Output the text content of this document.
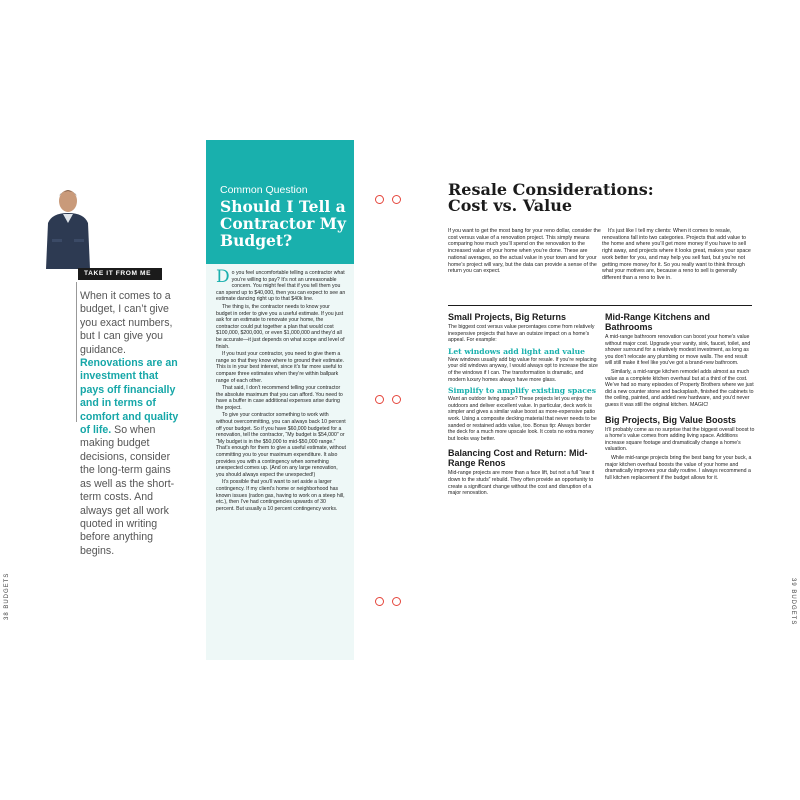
38 BUDGETS	39 BUDGETS
TAKE IT FROM ME
When it comes to a budget, I can’t give you exact numbers, but I can give you guidance. Renovations are an investment that pays off financially and in terms of comfort and quality of life. So when making budget decisions, consider the long-term gains as well as the short-term costs. And always get all work quoted in writing before anything begins.
Common Question
Should I Tell a Contractor My Budget?

Do you feel uncomfortable telling a contractor what you’re willing to pay? It’s not an unreasonable concern. You might feel that if you tell them you can spend up to $40,000, then you can expect to see an estimate dancing right up to that $40k line.

The thing is, the contractor needs to know your budget in order to give you a useful estimate. If you just ask for an estimate to renovate your home, the contractor could put together a plan that would cost $100,000, $200,000, or even $1,000,000 and they’d all be accurate—it just depends on what scope and level of finish.

If you trust your contractor, you need to give them a range so that they know where to ground their estimate. This is in your best interest, since it’s far more useful to compare three estimates when they’re within ballpark range of each other.

That said, I don’t recommend telling your contractor the absolute maximum that you can afford. You need to have a buffer in case additional expenses arise during the project.

To give your contractor something to work with without overcommitting, you can always back 10 percent off your budget. So if you have $60,000 budgeted for a renovation, tell the contractor, “My budget is $54,000” or “My budget is in the $50,000 to mid-$50,000 range.” That’s enough for them to give a useful estimate, without committing you to your maximum expenditure. It also provides you with a contingency when something unexpected comes up. (And on any large renovation, you should always expect the unexpected!)

It’s possible that you’ll want to set aside a larger contingency. If my client’s home or neighborhood has known issues (radon gas, having to work on a steep hill, etc.), then I’ve had contingencies upwards of 30 percent. But usually a 10 percent contingency works.

Resale Considerations:
Cost vs. Value

If you want to get the most bang for your reno dollar, consider the cost versus value of a renovation project. This simply means comparing how much you’ll spend on the renovation to the increased value of your home when you’re done. These are national averages, so the actual value in your town and for your home’s project will vary, but the data can provide a sense of the return you can expect.

It’s just like I tell my clients: When it comes to resale, renovations fall into two categories. Projects that add value to the home and where you’ll get more money if you have to sell right away, and projects where it looks great, makes your space work better for you, and may help you sell fast, but you’re not getting more money for it. So you really want to think through what your motives are, because a reno to sell is generally different than a reno to live in.

Small Projects, Big Returns
The biggest cost versus value percentages come from relatively inexpensive projects that have an outsize impact on a home’s appeal. For example:
Let windows add light and value
New windows usually add big value for resale. If you’re replacing your old windows anyway, I would always opt to increase the size of the windows if I can. The transformation is dramatic, and modern luxury homes always have more glass.
Simplify to amplify existing spaces
Want an outdoor living space? These projects let you enjoy the outdoors and deliver excellent value. In particular, deck work is simpler and gives a similar value boost as more-expensive patio work. Using a composite decking material that never needs to be sanded or restained adds value, too. Bonus tip: Always border the deck for a much more upscale look. It costs no extra money but looks way better.
Balancing Cost and Return: Mid-Range Renos
Mid-range projects are more than a face lift, but not a full “tear it down to the studs” rebuild. They often provide an opportunity to create a significant change without the cost and disruption of a major renovation.
Mid-Range Kitchens and Bathrooms
A mid-range bathroom renovation can boost your home’s value without major cost. Upgrade your vanity, sink, faucet, toilet, and shower surround for a relatively modest investment, as long as you don’t relocate any plumbing or move walls. The end result will still make it feel like you’ve got a brand-new bathroom.
Similarly, a mid-range kitchen remodel adds almost as much value as a complete kitchen overhaul but at a third of the cost. We’ve had so many episodes of Property Brothers where we just did a new counter stone and backsplash, finished the cabinets to the ceiling, painted, and added new hardware, and you’d never guess it was still the original kitchen. MAGIC!
Big Projects, Big Value Boosts
It’ll probably come as no surprise that the biggest overall boost to a home’s value comes from adding living space. Additions increase square footage and dramatically change a home’s valuation.
While mid-range projects bring the best bang for your buck, a major kitchen overhaul boosts the value of your home and dramatically improves your daily routine. I always recommend a full kitchen replacement if the budget allows for it.
